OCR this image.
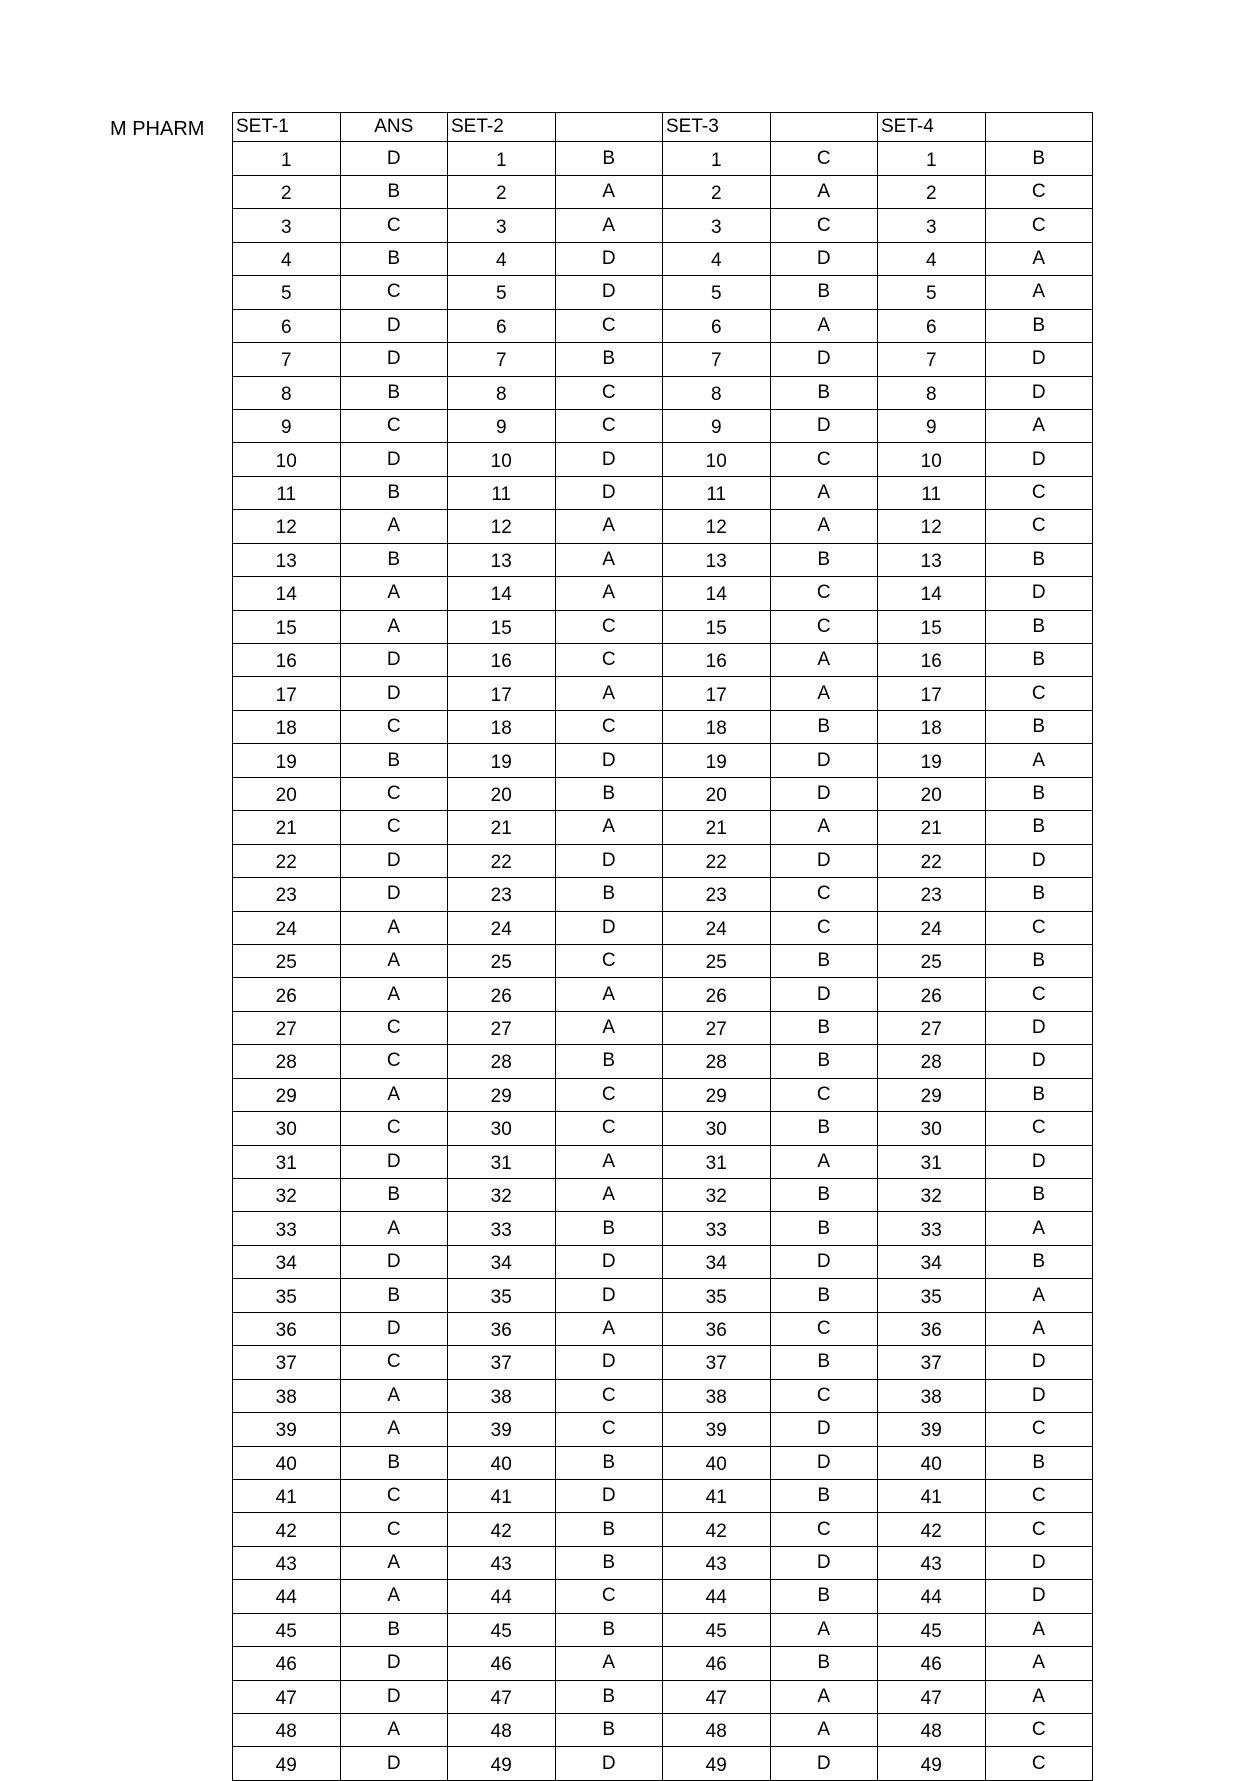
M PHARM SET-1	ANS	SET-2		SET-3		SET-4	
1	D	1	B	1	C	1	B
2	B	2	A	2	A	2	C
3	C	3	A	3	C	3	C
4	B	4	D	4	D	4	A
5	C	5	D	5	B	5	A
6	D	6	C	6	A	6	B
7	D	7	B	7	D	7	D
8	B	8	C	8	B	8	D
9	C	9	C	9	D	9	A
10	D	10	D	10	C	10	D
11	B	11	D	11	A	11	C
12	A	12	A	12	A	12	C
13	B	13	A	13	B	13	B
14	A	14	A	14	C	14	D
15	A	15	C	15	C	15	B
16	D	16	C	16	A	16	B
17	D	17	A	17	A	17	C
18	C	18	C	18	B	18	B
19	B	19	D	19	D	19	A
20	C	20	B	20	D	20	B
21	C	21	A	21	A	21	B
22	D	22	D	22	D	22	D
23	D	23	B	23	C	23	B
24	A	24	D	24	C	24	C
25	A	25	C	25	B	25	B
26	A	26	A	26	D	26	C
27	C	27	A	27	B	27	D
28	C	28	B	28	B	28	D
29	A	29	C	29	C	29	B
30	C	30	C	30	B	30	C
31	D	31	A	31	A	31	D
32	B	32	A	32	B	32	B
33	A	33	B	33	B	33	A
34	D	34	D	34	D	34	B
35	B	35	D	35	B	35	A
36	D	36	A	36	C	36	A
37	C	37	D	37	B	37	D
38	A	38	C	38	C	38	D
39	A	39	C	39	D	39	C
40	B	40	B	40	D	40	B
41	C	41	D	41	B	41	C
42	C	42	B	42	C	42	C
43	A	43	B	43	D	43	D
44	A	44	C	44	B	44	D
45	B	45	B	45	A	45	A
46	D	46	A	46	B	46	A
47	D	47	B	47	A	47	A
48	A	48	B	48	A	48	C
49	D	49	D	49	D	49	C
